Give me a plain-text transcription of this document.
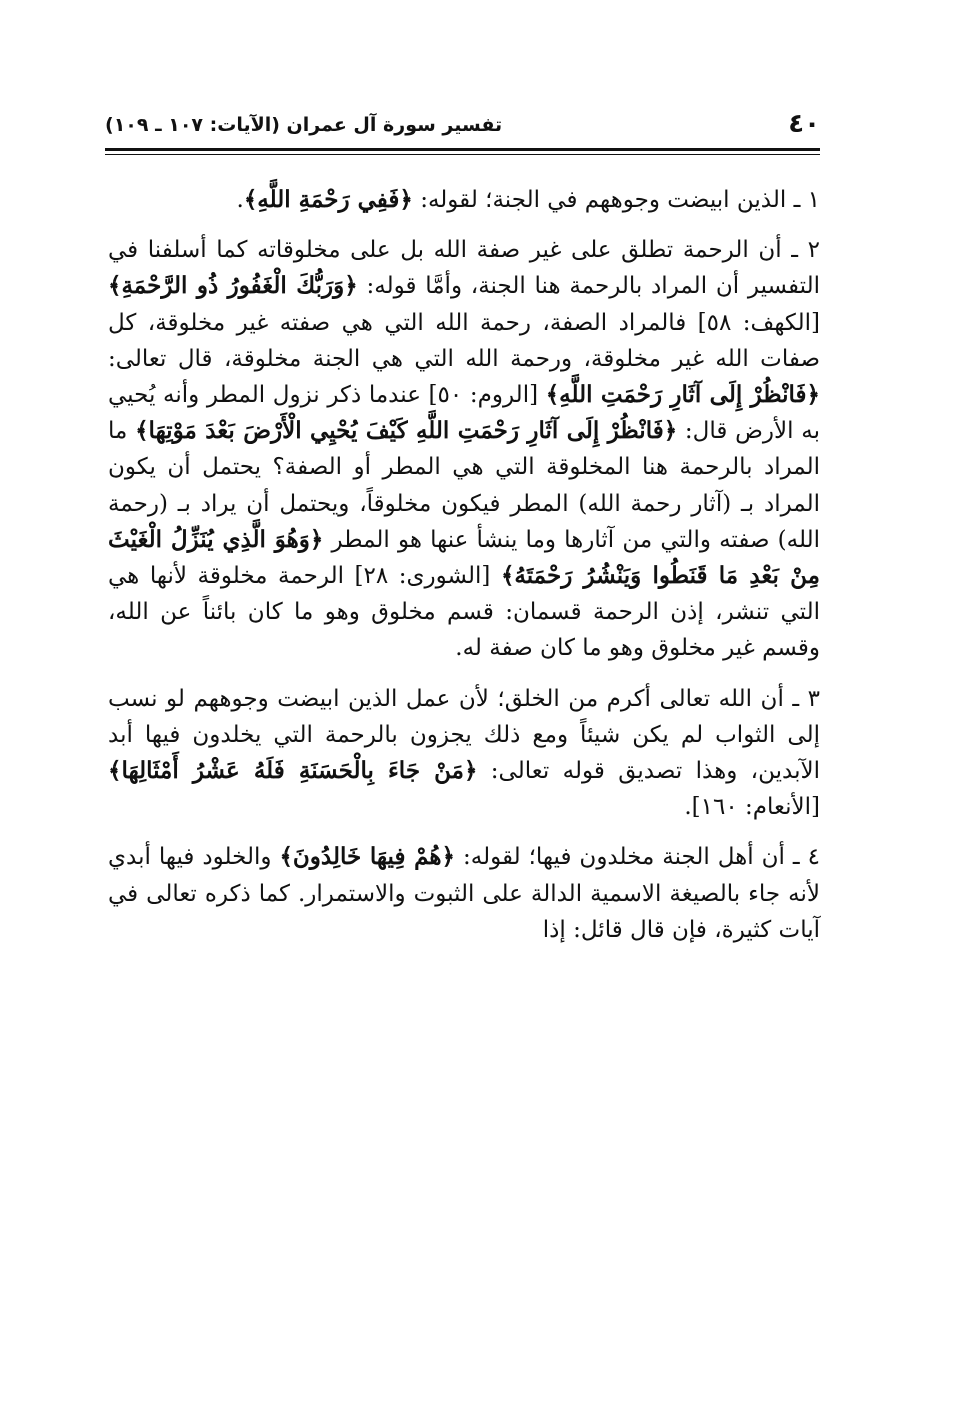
٤٠
تفسير سورة آل عمران (الآيات: ١٠٧ ـ ١٠٩)

١ ـ الذين ابيضت وجوههم في الجنة؛ لقوله: ﴿فَفِي رَحْمَةِ اللَّهِ﴾.

٢ ـ أن الرحمة تطلق على غير صفة الله بل على مخلوقاته كما أسلفنا في التفسير أن المراد بالرحمة هنا الجنة، وأمَّا قوله: ﴿وَرَبُّكَ الْغَفُورُ ذُو الرَّحْمَةِ﴾ [الكهف: ٥٨] فالمراد الصفة، رحمة الله التي هي صفته غير مخلوقة، كل صفات الله غير مخلوقة، ورحمة الله التي هي الجنة مخلوقة، قال تعالى: ﴿فَانْظُرْ إِلَى آثَارِ رَحْمَتِ اللَّهِ﴾ [الروم: ٥٠] عندما ذكر نزول المطر وأنه يُحيي به الأرض قال: ﴿فَانْظُرْ إِلَى آثَارِ رَحْمَتِ اللَّهِ كَيْفَ يُحْيِي الْأَرْضَ بَعْدَ مَوْتِهَا﴾ ما المراد بالرحمة هنا المخلوقة التي هي المطر أو الصفة؟ يحتمل أن يكون المراد بـ (آثار رحمة الله) المطر فيكون مخلوقاً، ويحتمل أن يراد بـ (رحمة الله) صفته والتي من آثارها وما ينشأ عنها هو المطر ﴿وَهُوَ الَّذِي يُنَزِّلُ الْغَيْثَ مِنْ بَعْدِ مَا قَنَطُوا وَيَنْشُرُ رَحْمَتَهُ﴾ [الشورى: ٢٨] الرحمة مخلوقة لأنها هي التي تنشر، إذن الرحمة قسمان: قسم مخلوق وهو ما كان بائناً عن الله، وقسم غير مخلوق وهو ما كان صفة له.

٣ ـ أن الله تعالى أكرم من الخلق؛ لأن عمل الذين ابيضت وجوههم لو نسب إلى الثواب لم يكن شيئاً ومع ذلك يجزون بالرحمة التي يخلدون فيها أبد الآبدين، وهذا تصديق قوله تعالى: ﴿مَنْ جَاءَ بِالْحَسَنَةِ فَلَهُ عَشْرُ أَمْثَالِهَا﴾ [الأنعام: ١٦٠].

٤ ـ أن أهل الجنة مخلدون فيها؛ لقوله: ﴿هُمْ فِيهَا خَالِدُونَ﴾ والخلود فيها أبدي لأنه جاء بالصيغة الاسمية الدالة على الثبوت والاستمرار. كما ذكره تعالى في آيات كثيرة، فإن قال قائل: إذا
